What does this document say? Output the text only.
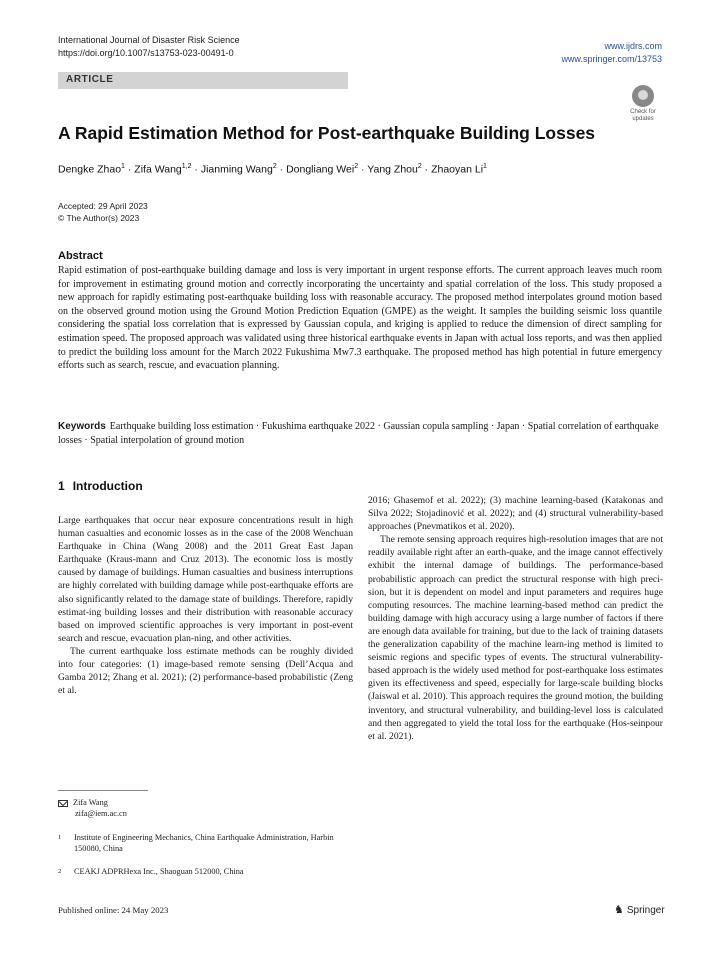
International Journal of Disaster Risk Science
https://doi.org/10.1007/s13753-023-00491-0
www.ijdrs.com
www.springer.com/13753
ARTICLE
Check for updates
A Rapid Estimation Method for Post-earthquake Building Losses
Dengke Zhao$^1$ · Zifa Wang$^{1,2}$ · Jianming Wang$^2$ · Dongliang Wei$^2$ · Yang Zhou$^2$ · Zhaoyan Li$^1$
Accepted: 29 April 2023
© The Author(s) 2023
Abstract

Rapid estimation of post-earthquake building damage and loss is very important in urgent response efforts. The current approach leaves much room for improvement in estimating ground motion and correctly incorporating the uncertainty and spatial correlation of the loss. This study proposed a new approach for rapidly estimating post-earthquake building loss with reasonable accuracy. The proposed method interpolates ground motion based on the observed ground motion using the Ground Motion Prediction Equation (GMPE) as the weight. It samples the building seismic loss quantile considering the spatial loss correlation that is expressed by Gaussian copula, and kriging is applied to reduce the dimension of direct sampling for estimation speed. The proposed approach was validated using three historical earthquake events in Japan with actual loss reports, and was then applied to predict the building loss amount for the March 2022 Fukushima Mw7.3 earthquake. The proposed method has high potential in future emergency efforts such as search, rescue, and evacuation planning.

Keywords Earthquake building loss estimation · Fukushima earthquake 2022 · Gaussian copula sampling · Japan · Spatial correlation of earthquake losses · Spatial interpolation of ground motion

1 Introduction

Large earthquakes that occur near exposure concentrations result in high human casualties and economic losses as in the case of the 2008 Wenchuan Earthquake in China (Wang 2008) and the 2011 Great East Japan Earthquake (Kraus-mann and Cruz 2013). The economic loss is mostly caused by damage of buildings. Human casualties and business interruptions are highly correlated with building damage while post-earthquake efforts are also significantly related to the damage state of buildings. Therefore, rapidly estimat-ing building losses and their distribution with reasonable accuracy based on improved scientific approaches is very important in post-event search and rescue, evacuation plan-ning, and other activities.

The current earthquake loss estimate methods can be roughly divided into four categories: (1) image-based remote sensing (Dell’Acqua and Gamba 2012; Zhang et al. 2021); (2) performance-based probabilistic (Zeng et al.

2016; Ghasemof et al. 2022); (3) machine learning-based (Katakonas and Silva 2022; Stojadinović et al. 2022); and (4) structural vulnerability-based approaches (Pnevmatikos et al. 2020).

The remote sensing approach requires high-resolution images that are not readily available right after an earth-quake, and the image cannot effectively exhibit the internal damage of buildings. The performance-based probabilistic approach can predict the structural response with high preci-sion, but it is dependent on model and input parameters and requires huge computing resources. The machine learning-based method can predict the building damage with high accuracy using a large number of factors if there are enough data available for training, but due to the lack of training datasets the generalization capability of the machine learn-ing method is limited to seismic regions and specific types of events. The structural vulnerability-based approach is the widely used method for post-earthquake loss estimates given its effectiveness and speed, especially for large-scale building blocks (Jaiswal et al. 2010). This approach requires the ground motion, the building inventory, and structural vulnerability, and building-level loss is calculated and then aggregated to yield the total loss for the earthquake (Hos-seinpour et al. 2021).

Zifa Wang
zifa@iem.ac.cn
1 Institute of Engineering Mechanics, China Earthquake Administration, Harbin 150080, China
2 CEAKJ ADPRHexa Inc., Shaoguan 512000, China
Published online: 24 May 2023	♞ Springer
